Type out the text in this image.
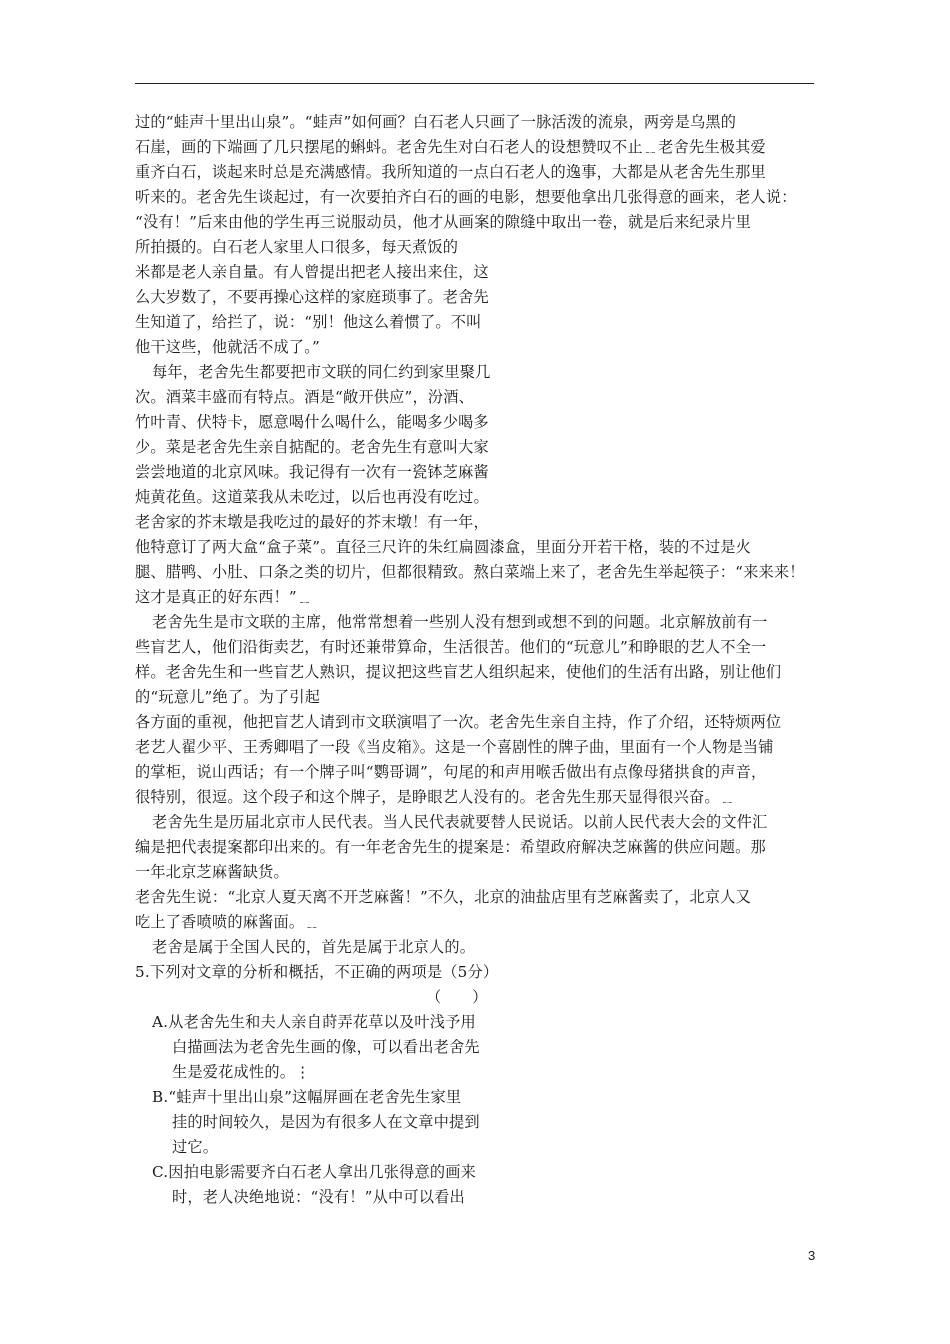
过的“蛙声十里出山泉”。“蛙声”如何画？白石老人只画了一脉活泼的流泉，两旁是乌黑的
石崖，画的下端画了几只摆尾的蝌蚪。老舍先生对白石老人的设想赞叹不止﹎老舍先生极其爱
重齐白石，谈起来时总是充满感情。我所知道的一点白石老人的逸事，大都是从老舍先生那里
听来的。老舍先生谈起过，有一次要拍齐白石的画的电影，想要他拿出几张得意的画来，老人说：
“没有！”后来由他的学生再三说服动员，他才从画案的隙缝中取出一卷，就是后来纪录片里
所拍摄的。白石老人家里人口很多，每天煮饭的
米都是老人亲自量。有人曾提出把老人接出来住，这
么大岁数了，不要再操心这样的家庭琐事了。老舍先
生知道了，给拦了，说：“别！他这么着惯了。不叫
他干这些，他就活不成了。”
每年，老舍先生都要把市文联的同仁约到家里聚几
次。酒菜丰盛而有特点。酒是“敞开供应”，汾酒、
竹叶青、伏特卡，愿意喝什么喝什么，能喝多少喝多
少。菜是老舍先生亲自掂配的。老舍先生有意叫大家
尝尝地道的北京风味。我记得有一次有一瓷钵芝麻酱
炖黄花鱼。这道菜我从未吃过，以后也再没有吃过。
老舍家的芥末墩是我吃过的最好的芥末墩！有一年，
他特意订了两大盒“盒子菜”。直径三尺许的朱红扁圆漆盒，里面分开若干格，装的不过是火
腿、腊鸭、小肚、口条之类的切片，但都很精致。熬白菜端上来了，老舍先生举起筷子：“来来来！
这才是真正的好东西！”﹎
老舍先生是市文联的主席，他常常想着一些别人没有想到或想不到的问题。北京解放前有一
些盲艺人，他们沿街卖艺，有时还兼带算命，生活很苦。他们的“玩意儿”和睁眼的艺人不全一
样。老舍先生和一些盲艺人熟识，提议把这些盲艺人组织起来，使他们的生活有出路，别让他们
的“玩意儿”绝了。为了引起
各方面的重视，他把盲艺人请到市文联演唱了一次。老舍先生亲自主持，作了介绍，还特烦两位
老艺人翟少平、王秀卿唱了一段《当皮箱》。这是一个喜剧性的牌子曲，里面有一个人物是当铺
的掌柜，说山西话；有一个牌子叫“鹦哥调”，句尾的和声用喉舌做出有点像母猪拱食的声音，
很特别，很逗。这个段子和这个牌子，是睁眼艺人没有的。老舍先生那天显得很兴奋。﹎
老舍先生是历届北京市人民代表。当人民代表就要替人民说话。以前人民代表大会的文件汇
编是把代表提案都印出来的。有一年老舍先生的提案是：希望政府解决芝麻酱的供应问题。那
一年北京芝麻酱缺货。
老舍先生说：“北京人夏天离不开芝麻酱！”不久，北京的油盐店里有芝麻酱卖了，北京人又
吃上了香喷喷的麻酱面。﹎
老舍是属于全国人民的，首先是属于北京人的。
5.下列对文章的分析和概括，不正确的两项是（5分）
（　　）
A.从老舍先生和夫人亲自莳弄花草以及叶浅予用
白描画法为老舍先生画的像，可以看出老舍先
生是爱花成性的。⋮
B.“蛙声十里出山泉”这幅屏画在老舍先生家里
挂的时间较久，是因为有很多人在文章中提到
过它。
C.因拍电影需要齐白石老人拿出几张得意的画来
时，老人决绝地说：“没有！”从中可以看出
3
